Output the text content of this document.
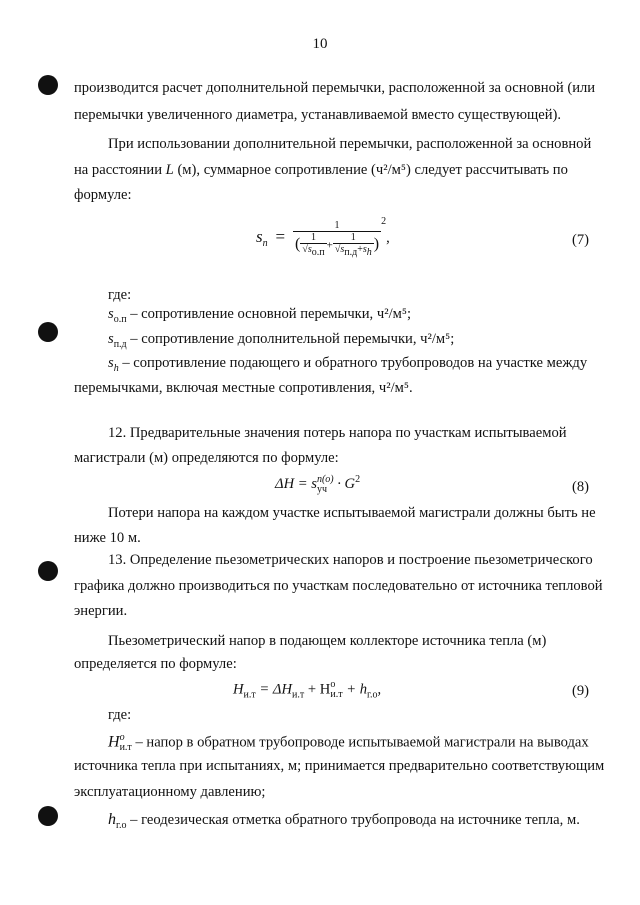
10
производится расчет дополнительной перемычки, расположенной за основной (или
перемычки увеличенного диаметра, устанавливаемой вместо существующей).
При использовании дополнительной перемычки, расположенной за основной
на расстоянии L (м), суммарное сопротивление (ч²/м⁵) следует рассчитывать по
формуле:
$s_n$  =
1
( $\frac{1}{√s_{о.п}} + \frac{1}{√s_{п.д}+s_h}$ )
$^2$,	(7)
где:
$s_{о.п}$ – сопротивление основной перемычки, ч²/м⁵;
$s_{п.д}$ – сопротивление дополнительной перемычки, ч²/м⁵;
$s_h$ – сопротивление подающего и обратного трубопроводов на участке между
перемычками, включая местные сопротивления, ч²/м⁵.
12. Предварительные значения потерь напора по участкам испытываемой
магистрали (м) определяются по формуле:
ΔH = s п(о)
уч · $G^2$	(8)
Потери напора на каждом участке испытываемой магистрали должны быть не
ниже 10 м.
13. Определение пьезометрических напоров и построение пьезометрического
графика должно производиться по участкам последовательно от источника тепловой
энергии.
Пьезометрический напор в подающем коллекторе источника тепла (м)
определяется по формуле:
$H_{и.т} = \Delta H_{и.т} + H$ о
$и.т + h_{г.о}$,	(9)
где:
H o
и.т – напор в обратном трубопроводе испытываемой магистрали на выводах
источника тепла при испытаниях, м; принимается предварительно соответствующим
эксплуатационному давлению;
$h_{г.о}$ – геодезическая отметка обратного трубопровода на источнике тепла, м.
